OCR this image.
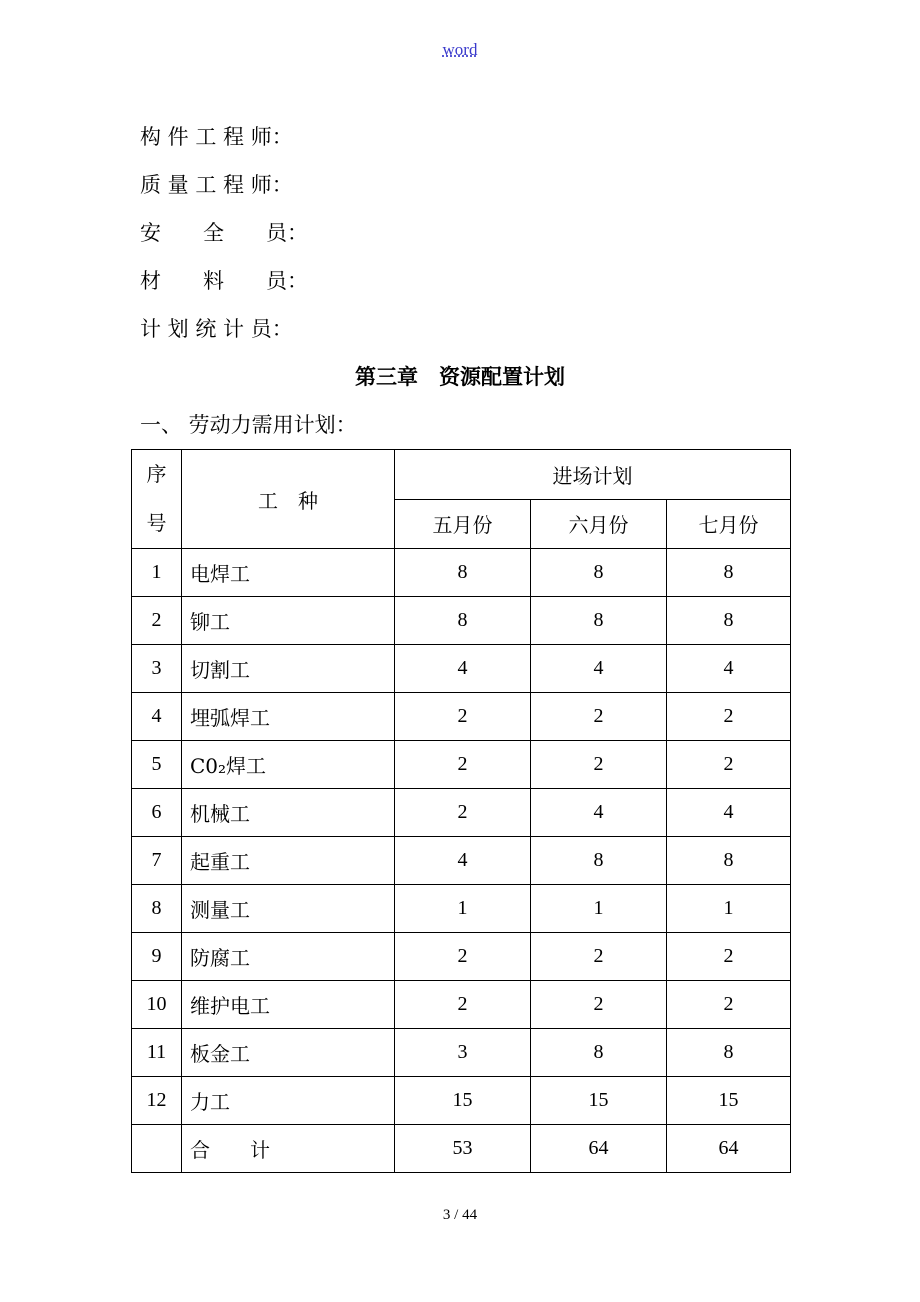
word
构 件 工 程 师：
质 量 工 程 师：
安　　全　　员：
材　　料　　员：
计 划 统 计 员：
第三章　资源配置计划
一、 劳动力需用计划：
序号	工　种	进场计划		
		五月份	六月份	七月份
1	电焊工	8	8	8
2	铆工	8	8	8
3	切割工	4	4	4
4	埋弧焊工	2	2	2
5	C0₂焊工	2	2	2
6	机械工	2	4	4
7	起重工	4	8	8
8	测量工	1	1	1
9	防腐工	2	2	2
10	维护电工	2	2	2
11	板金工	3	8	8
12	力工	15	15	15
	合　　计	53	64	64
3 / 44
